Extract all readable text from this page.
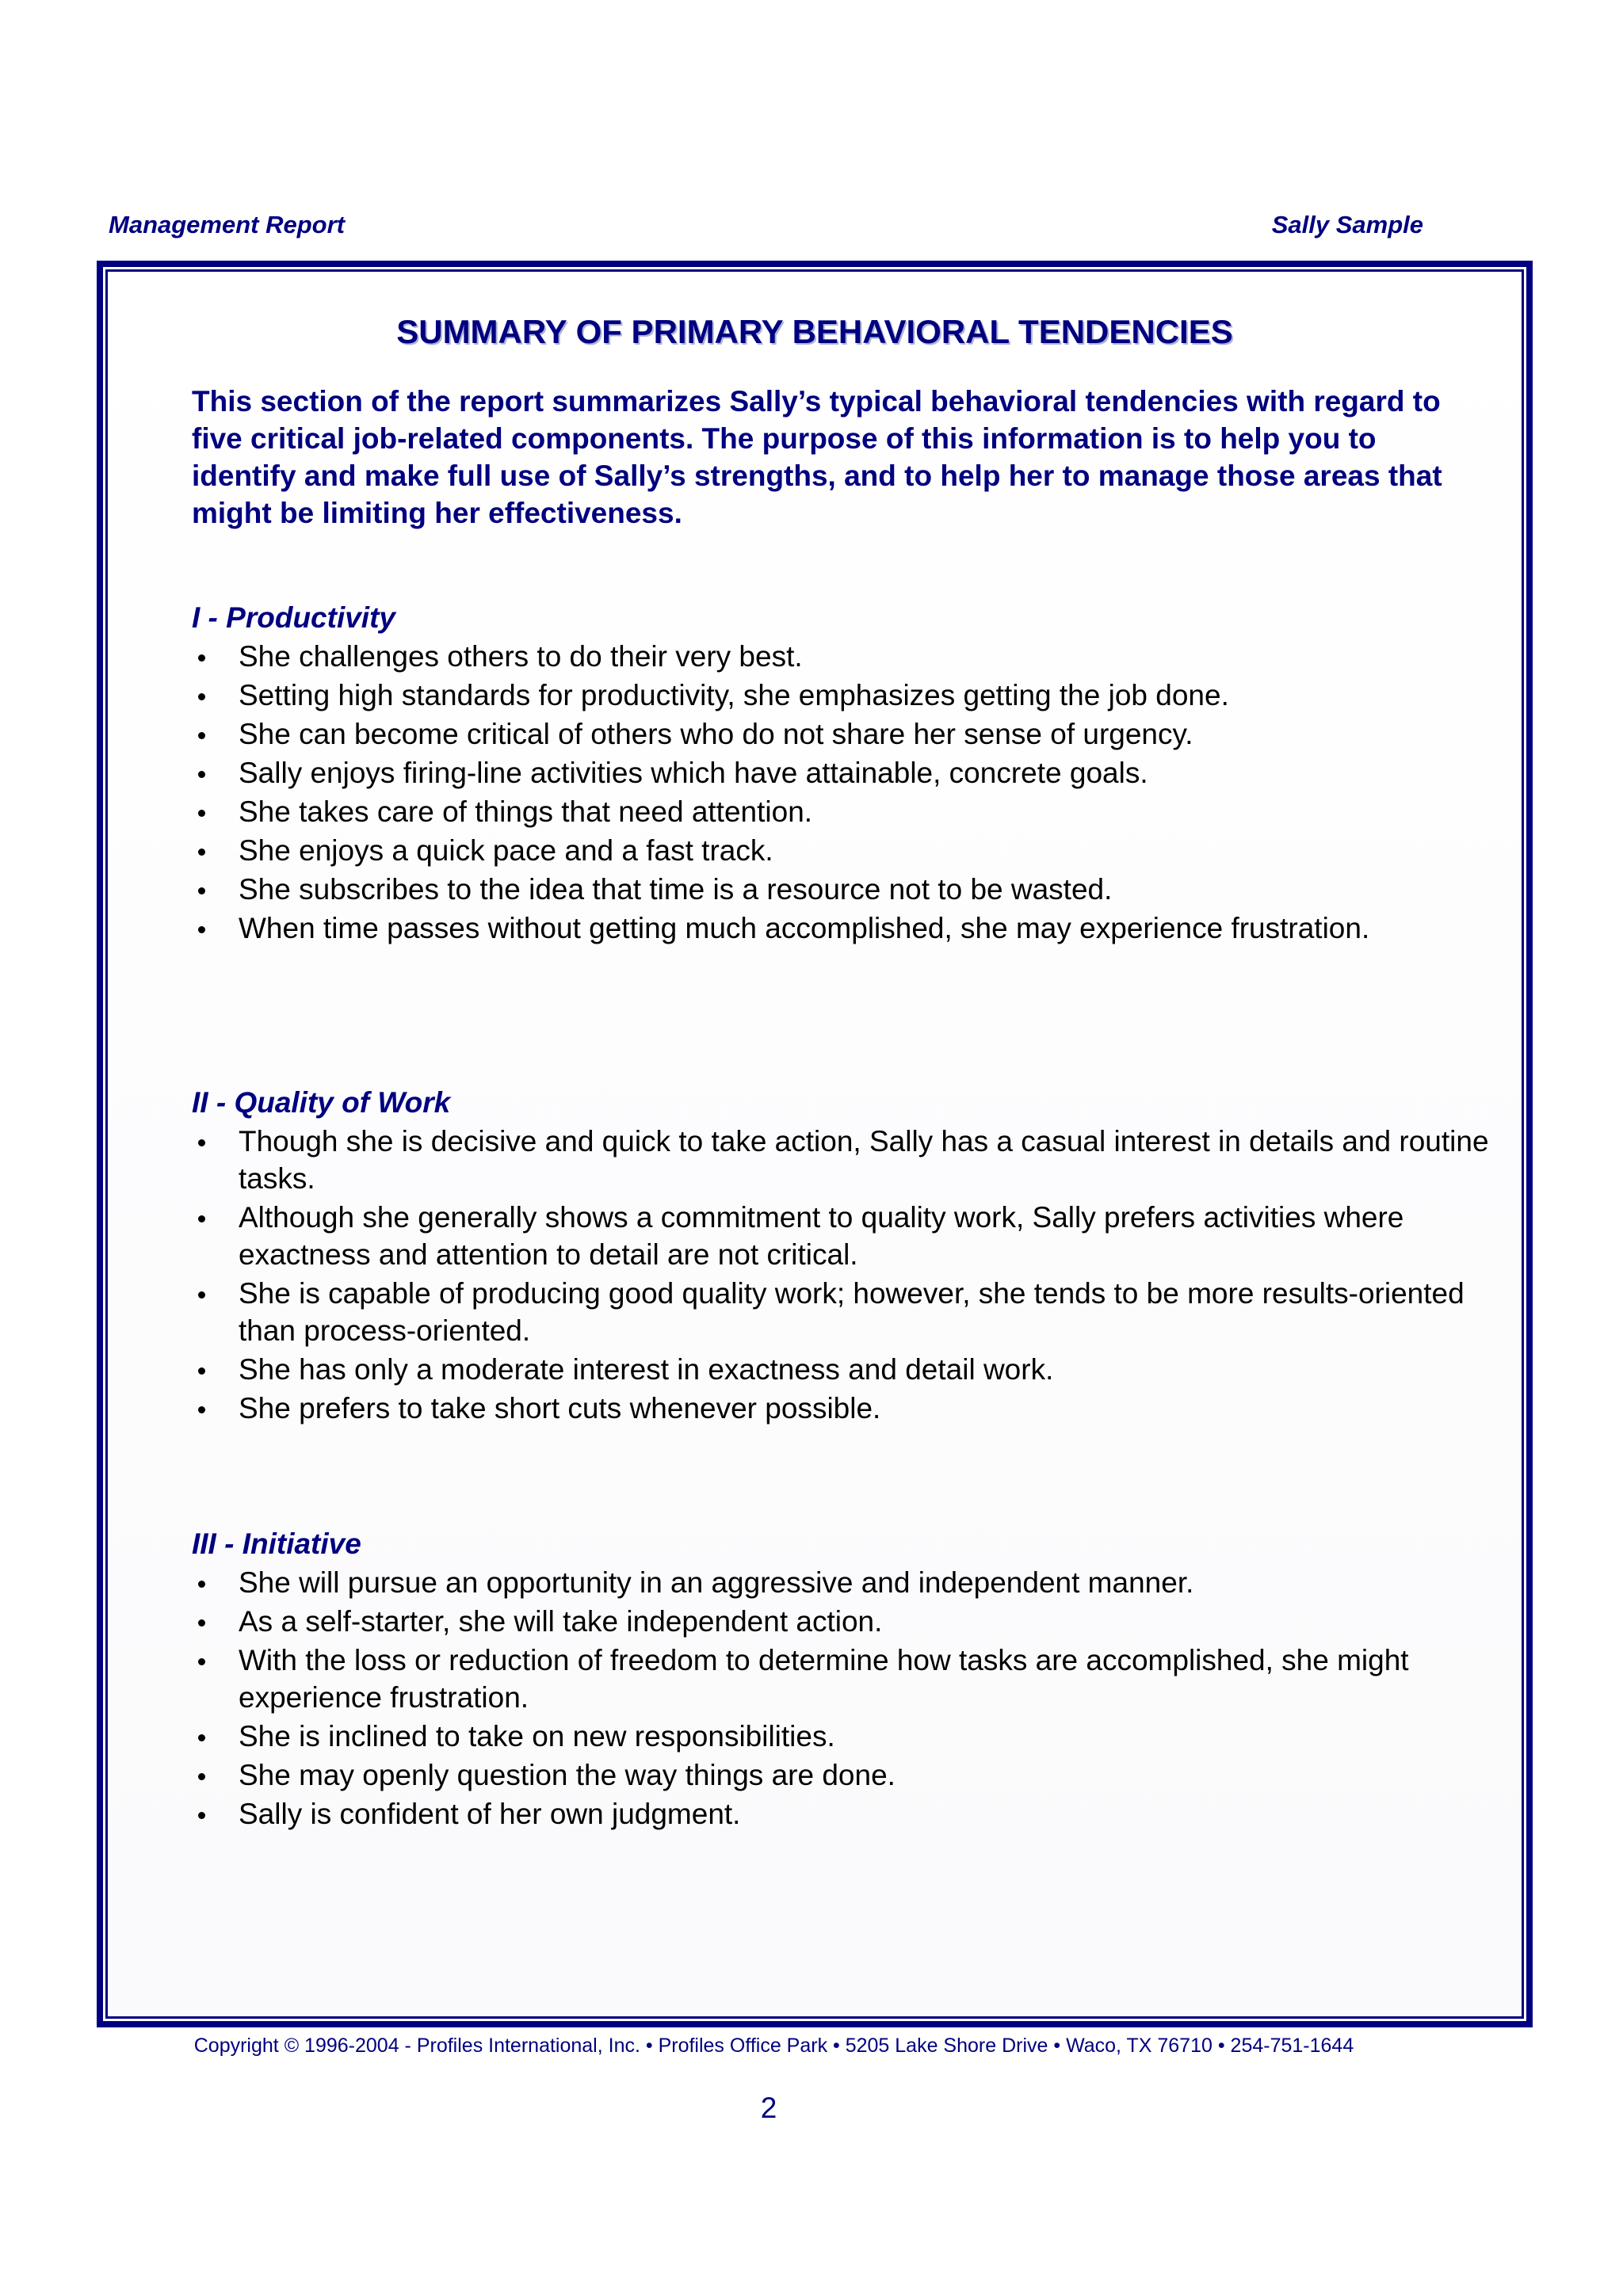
Management Report	Sally Sample
SUMMARY OF PRIMARY BEHAVIORAL TENDENCIES

This section of the report summarizes Sally’s typical behavioral tendencies with regard to five critical job-related components. The purpose of this information is to help you to identify and make full use of Sally’s strengths, and to help her to manage those areas that might be limiting her effectiveness.

I - Productivity
She challenges others to do their very best.
Setting high standards for productivity, she emphasizes getting the job done.
She can become critical of others who do not share her sense of urgency.
Sally enjoys firing-line activities which have attainable, concrete goals.
She takes care of things that need attention.
She enjoys a quick pace and a fast track.
She subscribes to the idea that time is a resource not to be wasted.
When time passes without getting much accomplished, she may experience frustration.
II - Quality of Work
Though she is decisive and quick to take action, Sally has a casual interest in details and routine tasks.
Although she generally shows a commitment to quality work, Sally prefers activities where exactness and attention to detail are not critical.
She is capable of producing good quality work; however, she tends to be more results-oriented than process-oriented.
She has only a moderate interest in exactness and detail work.
She prefers to take short cuts whenever possible.
III - Initiative
She will pursue an opportunity in an aggressive and independent manner.
As a self-starter, she will take independent action.
With the loss or reduction of freedom to determine how tasks are accomplished, she might experience frustration.
She is inclined to take on new responsibilities.
She may openly question the way things are done.
Sally is confident of her own judgment.
Copyright © 1996-2004 - Profiles International, Inc. • Profiles Office Park • 5205 Lake Shore Drive • Waco, TX 76710 • 254-751-1644
2
